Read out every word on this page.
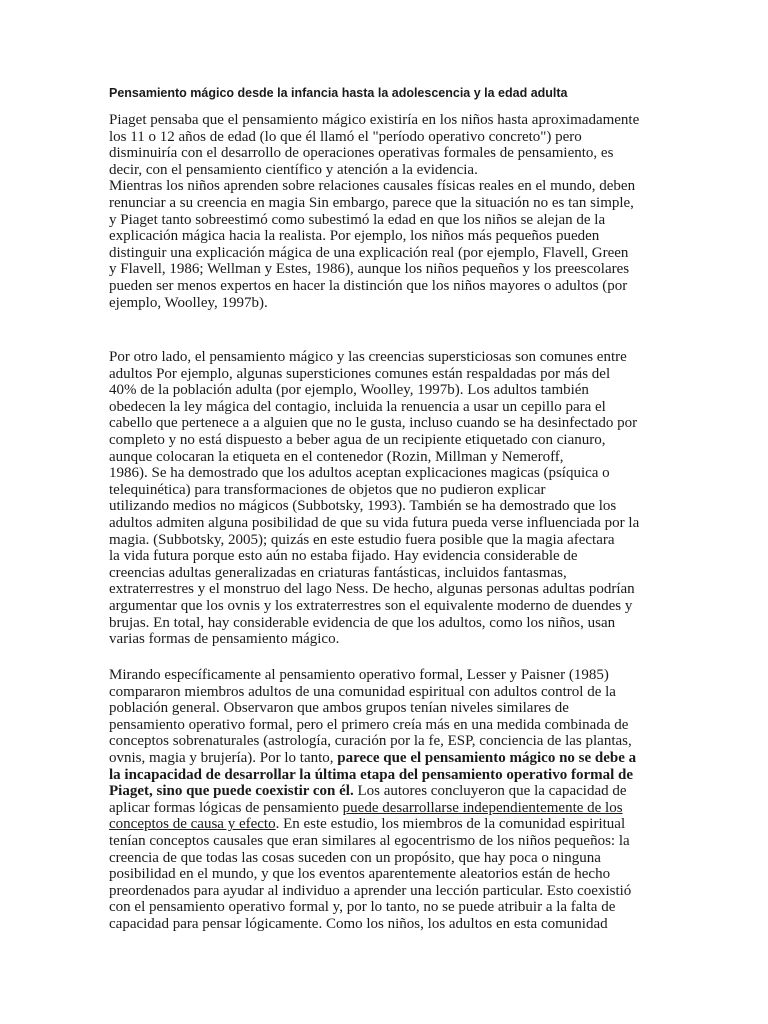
Pensamiento mágico desde la infancia hasta la adolescencia y la edad adulta

Piaget pensaba que el pensamiento mágico existiría en los niños hasta aproximadamente
los 11 o 12 años de edad (lo que él llamó el "período operativo concreto") pero
disminuiría con el desarrollo de operaciones operativas formales de pensamiento, es
decir, con el pensamiento científico y atención a la evidencia.
Mientras los niños aprenden sobre relaciones causales físicas reales en el mundo, deben
renunciar a su creencia en magia Sin embargo, parece que la situación no es tan simple,
y Piaget tanto sobreestimó como subestimó la edad en que los niños se alejan de la
explicación mágica hacia la realista. Por ejemplo, los niños más pequeños pueden
distinguir una explicación mágica de una explicación real (por ejemplo, Flavell, Green
y Flavell, 1986; Wellman y Estes, 1986), aunque los niños pequeños y los preescolares
pueden ser menos expertos en hacer la distinción que los niños mayores o adultos (por
ejemplo, Woolley, 1997b).

Por otro lado, el pensamiento mágico y las creencias supersticiosas son comunes entre
adultos Por ejemplo, algunas supersticiones comunes están respaldadas por más del
40% de la población adulta (por ejemplo, Woolley, 1997b). Los adultos también
obedecen la ley mágica del contagio, incluida la renuencia a usar un cepillo para el
cabello que pertenece a a alguien que no le gusta, incluso cuando se ha desinfectado por
completo y no está dispuesto a beber agua de un recipiente etiquetado con cianuro,
aunque colocaran la etiqueta en el contenedor (Rozin, Millman y Nemeroff,
1986). Se ha demostrado que los adultos aceptan explicaciones magicas (psíquica o
telequinética) para transformaciones de objetos que no pudieron explicar
utilizando medios no mágicos (Subbotsky, 1993). También se ha demostrado que los
adultos admiten alguna posibilidad de que su vida futura pueda verse influenciada por la
magia. (Subbotsky, 2005); quizás en este estudio fuera posible que la magia afectara
la vida futura porque esto aún no estaba fijado. Hay evidencia considerable de
creencias adultas generalizadas en criaturas fantásticas, incluidos fantasmas,
extraterrestres y el monstruo del lago Ness. De hecho, algunas personas adultas podrían
argumentar que los ovnis y los extraterrestres son el equivalente moderno de duendes y
brujas. En total, hay considerable evidencia de que los adultos, como los niños, usan
varias formas de pensamiento mágico.

Mirando específicamente al pensamiento operativo formal, Lesser y Paisner (1985)
compararon miembros adultos de una comunidad espiritual con adultos control de la
población general. Observaron que ambos grupos tenían niveles similares de
pensamiento operativo formal, pero el primero creía más en una medida combinada de
conceptos sobrenaturales (astrología, curación por la fe, ESP, conciencia de las plantas,
ovnis, magia y brujería). Por lo tanto, parece que el pensamiento mágico no se debe a
la incapacidad de desarrollar la última etapa del pensamiento operativo formal de
Piaget, sino que puede coexistir con él. Los autores concluyeron que la capacidad de
aplicar formas lógicas de pensamiento puede desarrollarse independientemente de los
conceptos de causa y efecto. En este estudio, los miembros de la comunidad espiritual
tenían conceptos causales que eran similares al egocentrismo de los niños pequeños: la
creencia de que todas las cosas suceden con un propósito, que hay poca o ninguna
posibilidad en el mundo, y que los eventos aparentemente aleatorios están de hecho
preordenados para ayudar al individuo a aprender una lección particular. Esto coexistió
con el pensamiento operativo formal y, por lo tanto, no se puede atribuir a la falta de
capacidad para pensar lógicamente. Como los niños, los adultos en esta comunidad
